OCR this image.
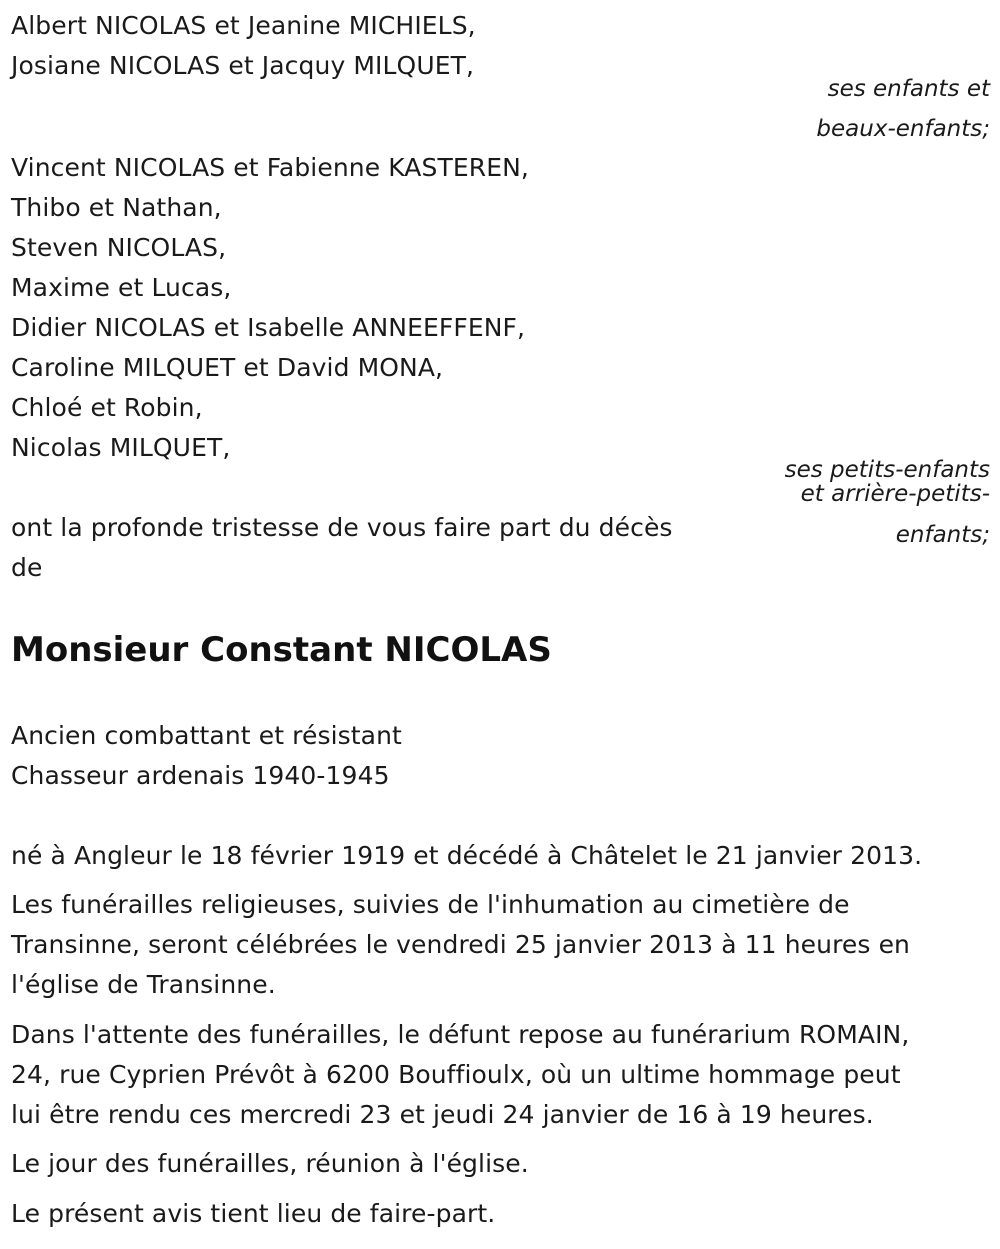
Albert NICOLAS et Jeanine MICHIELS,
Josiane NICOLAS et Jacquy MILQUET,
ses enfants et
beaux-enfants;
Vincent NICOLAS et Fabienne KASTEREN,
Thibo et Nathan,
Steven NICOLAS,
Maxime et Lucas,
Didier NICOLAS et Isabelle ANNEEFFENF,
Caroline MILQUET et David MONA,
Chloé et Robin,
Nicolas MILQUET,
ses petits-enfants
et arrière-petits-
enfants;
ont la profonde tristesse de vous faire part du décès
de
Monsieur Constant NICOLAS
Ancien combattant et résistant
Chasseur ardenais 1940-1945
né à Angleur le 18 février 1919 et décédé à Châtelet le 21 janvier 2013.
Les funérailles religieuses, suivies de l'inhumation au cimetière de
Transinne, seront célébrées le vendredi 25 janvier 2013 à 11 heures en
l'église de Transinne.
Dans l'attente des funérailles, le défunt repose au funérarium ROMAIN,
24, rue Cyprien Prévôt à 6200 Bouffioulx, où un ultime hommage peut
lui être rendu ces mercredi 23 et jeudi 24 janvier de 16 à 19 heures.
Le jour des funérailles, réunion à l'église.
Le présent avis tient lieu de faire-part.
